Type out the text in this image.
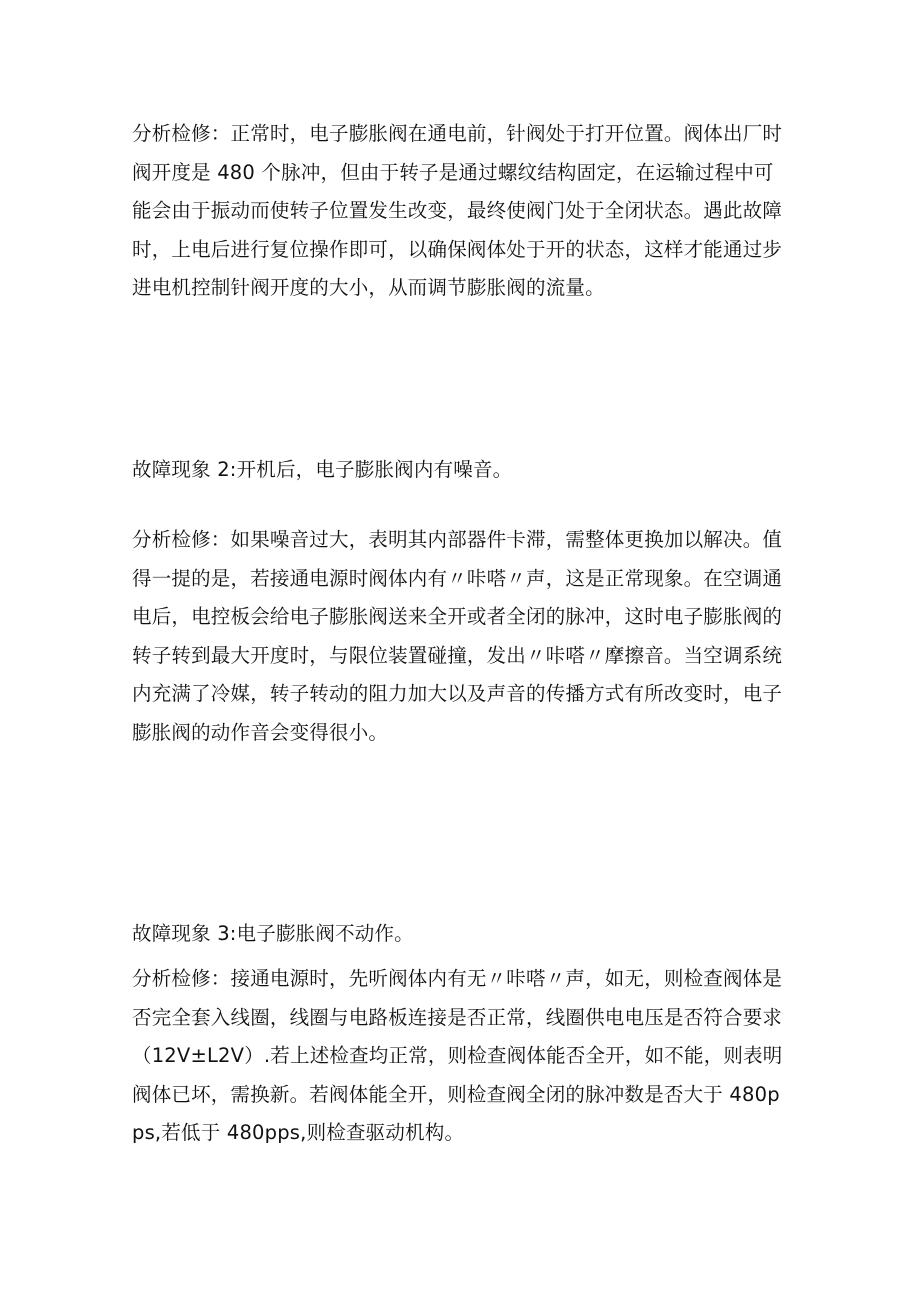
分析检修：正常时，电子膨胀阀在通电前，针阀处于打开位置。阀体出厂时阀开度是 480 个脉冲，但由于转子是通过螺纹结构固定，在运输过程中可能会由于振动而使转子位置发生改变，最终使阀门处于全闭状态。遇此故障时，上电后进行复位操作即可，以确保阀体处于开的状态，这样才能通过步进电机控制针阀开度的大小，从而调节膨胀阀的流量。

故障现象 2:开机后，电子膨胀阀内有噪音。

分析检修：如果噪音过大，表明其内部器件卡滞，需整体更换加以解决。值得一提的是，若接通电源时阀体内有〃咔嗒〃声，这是正常现象。在空调通电后，电控板会给电子膨胀阀送来全开或者全闭的脉冲，这时电子膨胀阀的转子转到最大开度时，与限位装置碰撞，发出〃咔嗒〃摩擦音。当空调系统内充满了冷媒，转子转动的阻力加大以及声音的传播方式有所改变时，电子膨胀阀的动作音会变得很小。

故障现象 3:电子膨胀阀不动作。

分析检修：接通电源时，先听阀体内有无〃咔嗒〃声，如无，则检查阀体是否完全套入线圈，线圈与电路板连接是否正常，线圈供电电压是否符合要求（12V±L2V）.若上述检查均正常，则检查阀体能否全开，如不能，则表明阀体已坏，需换新。若阀体能全开，则检查阀全闭的脉冲数是否大于 480pps,若低于 480pps,则检查驱动机构。
